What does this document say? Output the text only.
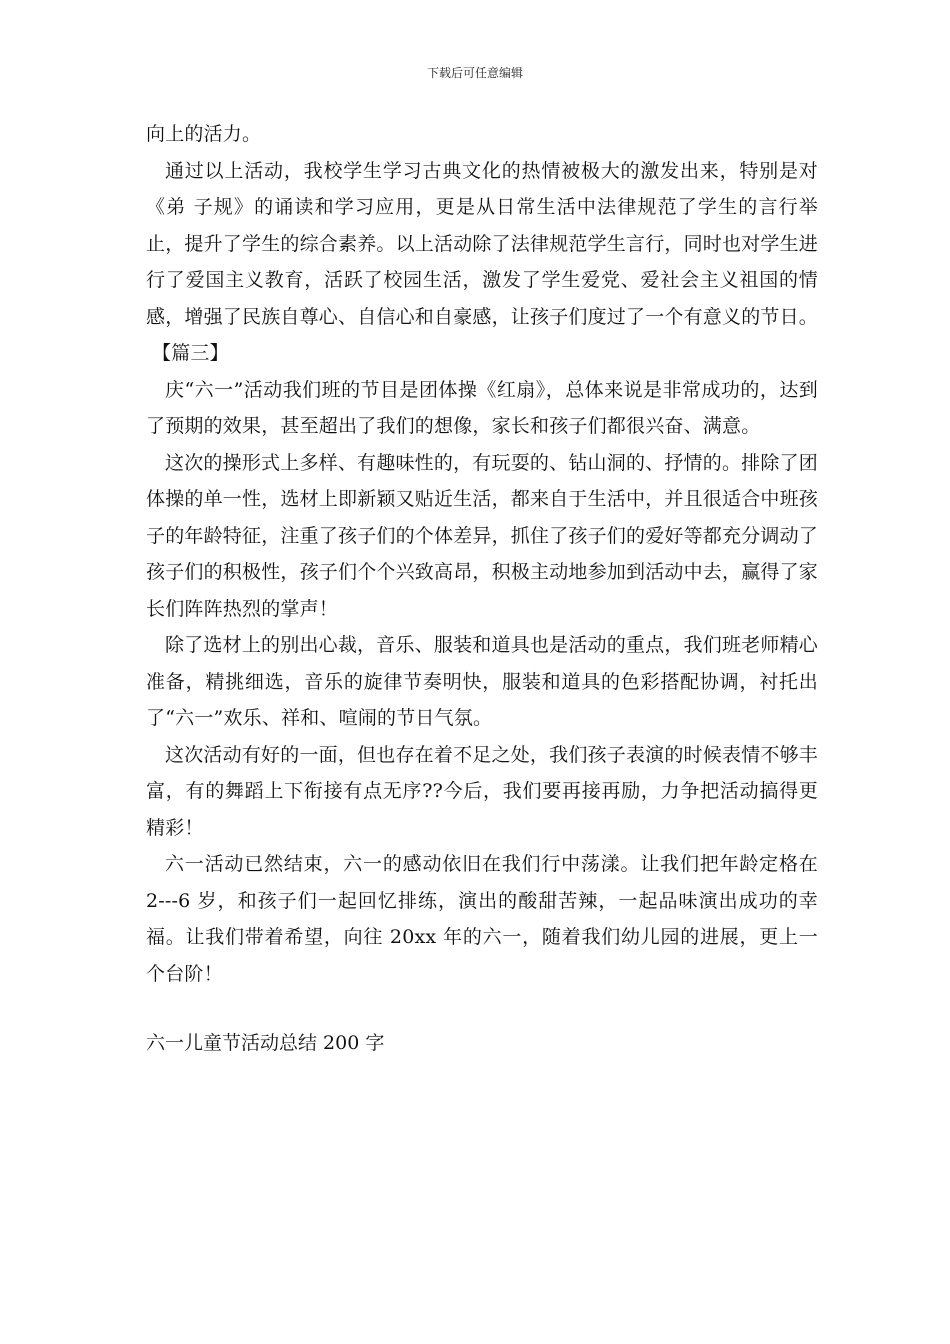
下载后可任意编辑

向上的活力。

通过以上活动，我校学生学习古典文化的热情被极大的激发出来，特别是对《弟 子规》的诵读和学习应用，更是从日常生活中法律规范了学生的言行举止，提升了学生的综合素养。以上活动除了法律规范学生言行，同时也对学生进行了爱国主义教育，活跃了校园生活，激发了学生爱党、爱社会主义祖国的情感，增强了民族自尊心、自信心和自豪感，让孩子们度过了一个有意义的节日。

【篇三】

庆“六一”活动我们班的节目是团体操《红扇》，总体来说是非常成功的，达到了预期的效果，甚至超出了我们的想像，家长和孩子们都很兴奋、满意。

这次的操形式上多样、有趣味性的，有玩耍的、钻山洞的、抒情的。排除了团体操的单一性，选材上即新颖又贴近生活，都来自于生活中，并且很适合中班孩子的年龄特征，注重了孩子们的个体差异，抓住了孩子们的爱好等都充分调动了孩子们的积极性，孩子们个个兴致高昂，积极主动地参加到活动中去，赢得了家长们阵阵热烈的掌声！

除了选材上的别出心裁，音乐、服装和道具也是活动的重点，我们班老师精心准备，精挑细选，音乐的旋律节奏明快，服装和道具的色彩搭配协调，衬托出了“六一”欢乐、祥和、喧闹的节日气氛。

这次活动有好的一面，但也存在着不足之处，我们孩子表演的时候表情不够丰富，有的舞蹈上下衔接有点无序??今后，我们要再接再励，力争把活动搞得更精彩！

六一活动已然结束，六一的感动依旧在我们行中荡漾。让我们把年龄定格在 2---6 岁，和孩子们一起回忆排练，演出的酸甜苦辣，一起品味演出成功的幸福。让我们带着希望，向往 20xx 年的六一，随着我们幼儿园的进展，更上一个台阶！

六一儿童节活动总结 200 字
